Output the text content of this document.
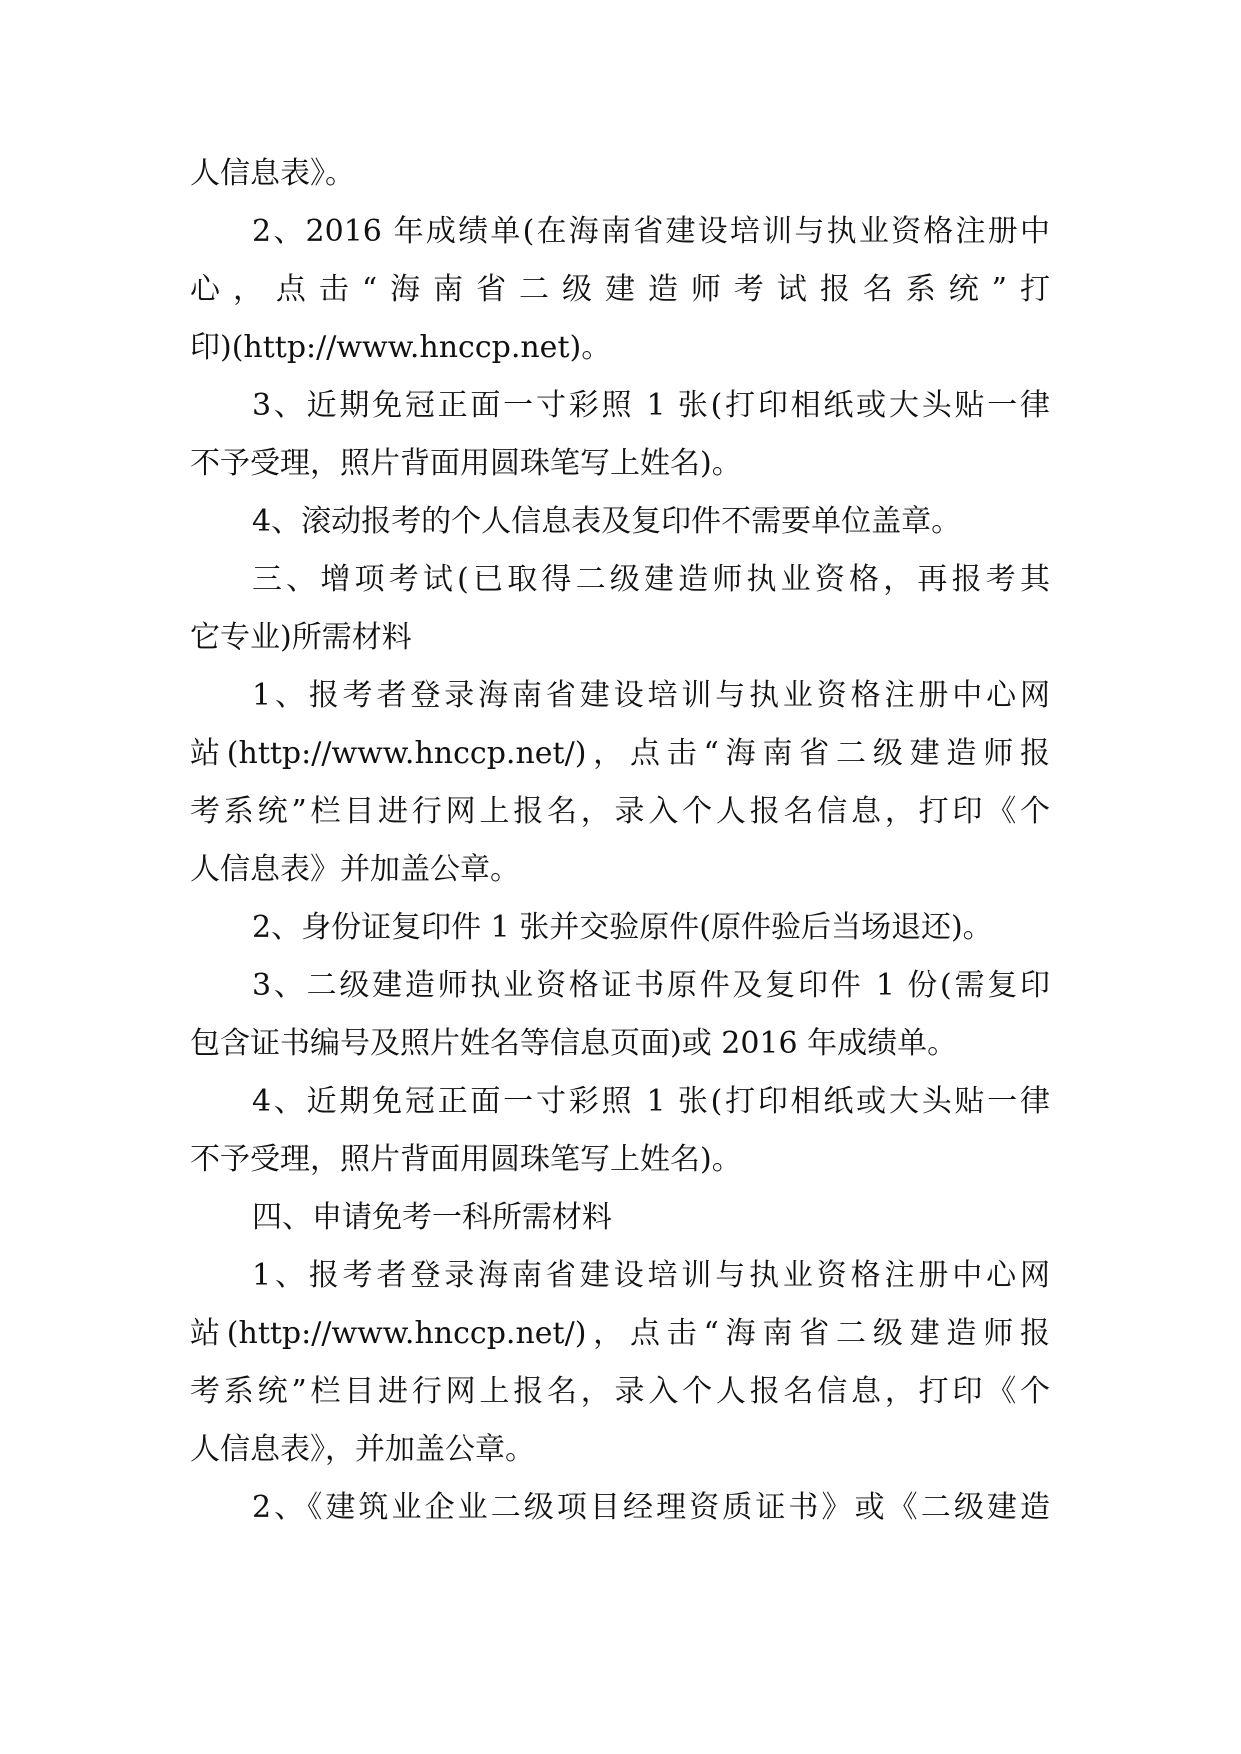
人信息表》。
2、2016 年成绩单(在海南省建设培训与执业资格注册中
心，点击“海南省二级建造师考试报名系统”打
印)(http://www.hnccp.net)。
3、近期免冠正面一寸彩照 1 张(打印相纸或大头贴一律
不予受理，照片背面用圆珠笔写上姓名)。
4、滚动报考的个人信息表及复印件不需要单位盖章。
三、增项考试(已取得二级建造师执业资格，再报考其
它专业)所需材料
1、报考者登录海南省建设培训与执业资格注册中心网
站(http://www.hnccp.net/)，点击“海南省二级建造师报
考系统”栏目进行网上报名，录入个人报名信息，打印《个
人信息表》并加盖公章。
2、身份证复印件 1 张并交验原件(原件验后当场退还)。
3、二级建造师执业资格证书原件及复印件 1 份(需复印
包含证书编号及照片姓名等信息页面)或 2016 年成绩单。
4、近期免冠正面一寸彩照 1 张(打印相纸或大头贴一律
不予受理，照片背面用圆珠笔写上姓名)。
四、申请免考一科所需材料
1、报考者登录海南省建设培训与执业资格注册中心网
站(http://www.hnccp.net/)，点击“海南省二级建造师报
考系统”栏目进行网上报名，录入个人报名信息，打印《个
人信息表》，并加盖公章。
2、《建筑业企业二级项目经理资质证书》或《二级建造
